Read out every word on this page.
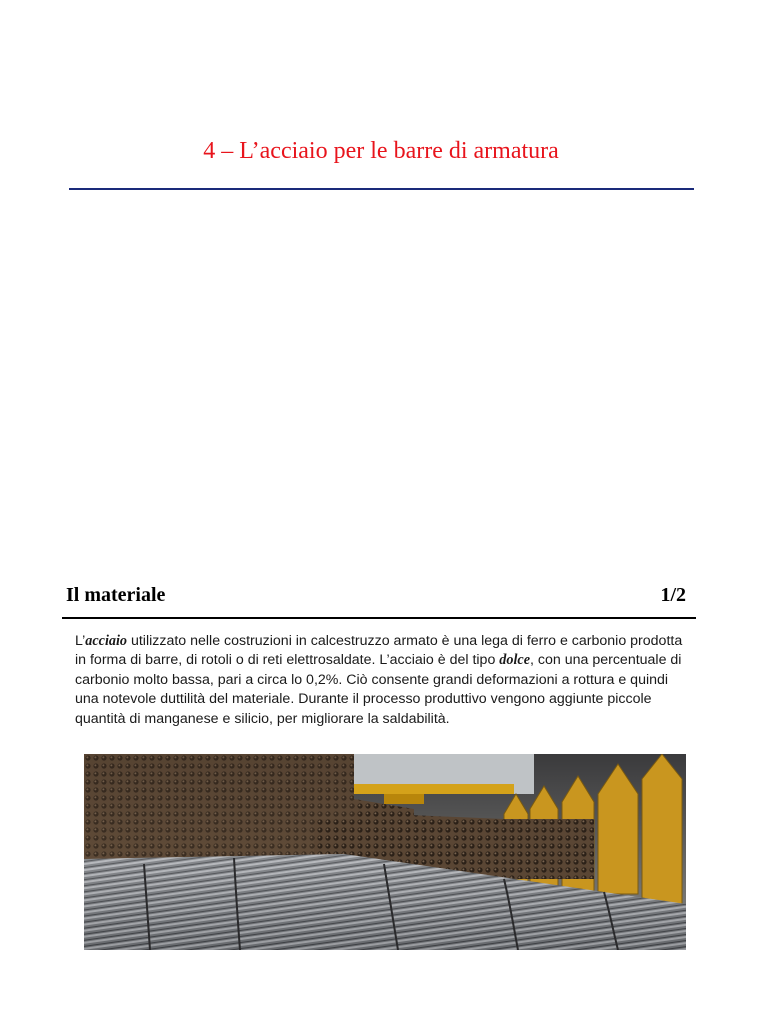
4 – L’acciaio per le barre di armatura
Il materiale	1/2

L’acciaio utilizzato nelle costruzioni in calcestruzzo armato è una lega di ferro e carbonio prodotta in forma di barre, di rotoli o di reti elettrosaldate. L’acciaio è del tipo dolce, con una percentuale di carbonio molto bassa, pari a circa lo 0,2%. Ciò consente grandi deformazioni a rottura e quindi una notevole duttilità del materiale. Durante il processo produttivo vengono aggiunte piccole quantità di manganese e silicio, per migliorare la saldabilità.
